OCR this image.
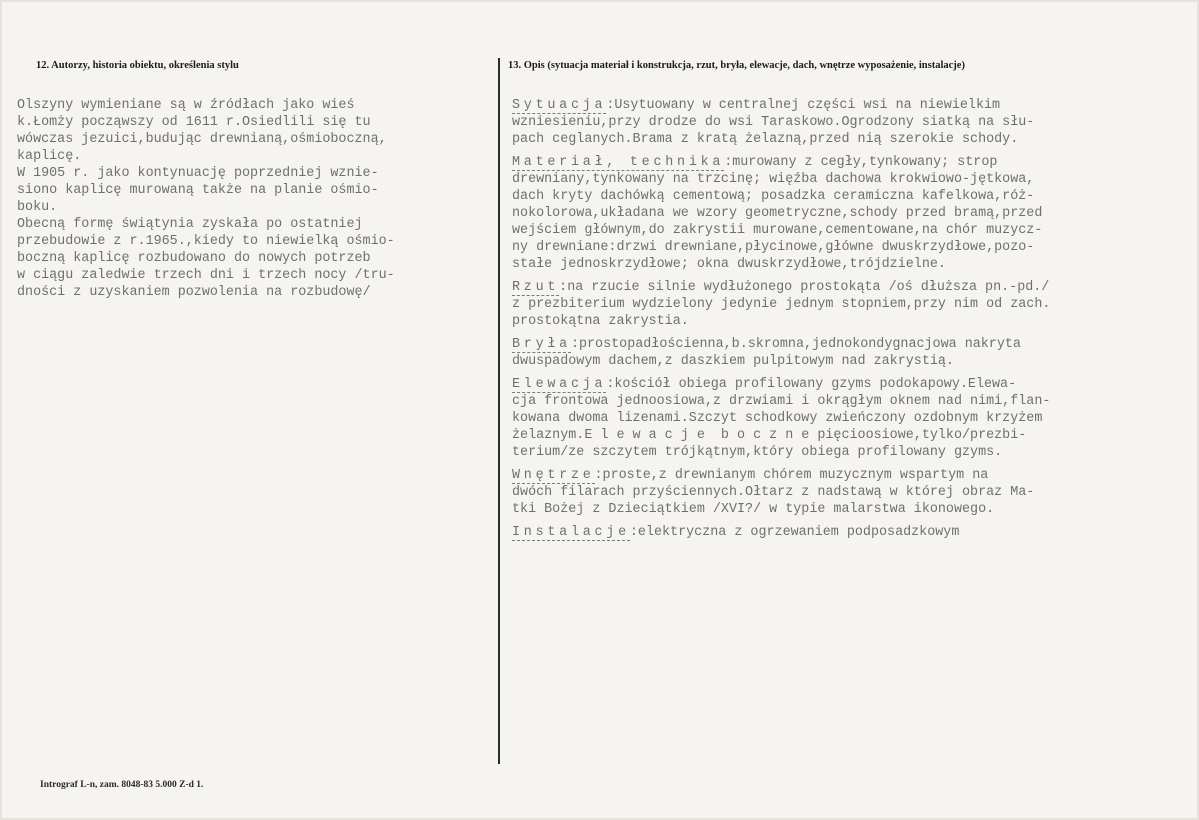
12. Autorzy, historia obiektu, określenia stylu	13. Opis (sytuacja materiał i konstrukcja, rzut, bryła, elewacje, dach, wnętrze wyposażenie, instalacje)
Olszyny wymieniane są w źródłach jako wieś
k.Łomży począwszy od 1611 r.Osiedlili się tu
wówczas jezuici,budując drewnianą,ośmioboczną,
kaplicę.
W 1905 r. jako kontynuację poprzedniej wznie-
siono kaplicę murowaną także na planie ośmio-
boku.
Obecną formę świątynia zyskała po ostatniej
przebudowie z r.1965.,kiedy to niewielką ośmio-
boczną kaplicę rozbudowano do nowych potrzeb
w ciągu zaledwie trzech dni i trzech nocy /tru-
dności z uzyskaniem pozwolenia na rozbudowę/

Sytuacja:Usytuowany w centralnej części wsi na niewielkim

wzniesieniu,przy drodze do wsi Taraskowo.Ogrodzony siatką na słu-

pach ceglanych.Brama z kratą żelazną,przed nią szerokie schody.

Materiał, technika:murowany z cegły,tynkowany; strop

drewniany,tynkowany na trzcinę; więźba dachowa krokwiowo-jętkowa,

dach kryty dachówką cementową; posadzka ceramiczna kafelkowa,róż-

nokolorowa,układana we wzory geometryczne,schody przed bramą,przed

wejściem głównym,do zakrystii murowane,cementowane,na chór muzycz-

ny drewniane:drzwi drewniane,płycinowe,główne dwuskrzydłowe,pozo-

stałe jednoskrzydłowe; okna dwuskrzydłowe,trójdzielne.

Rzut:na rzucie silnie wydłużonego prostokąta /oś dłuższa pn.-pd./

z prezbiterium wydzielony jedynie jednym stopniem,przy nim od zach.

prostokątna zakrystia.

Bryła:prostopadłościenna,b.skromna,jednokondygnacjowa nakryta

dwuspadowym dachem,z daszkiem pulpitowym nad zakrystią.

Elewacja:kościół obiega profilowany gzyms podokapowy.Elewa-

cja frontowa jednoosiowa,z drzwiami i okrągłym oknem nad nimi,flan-

kowana dwoma lizenami.Szczyt schodkowy zwieńczony ozdobnym krzyżem

żelaznym.E l e w a c j e  b o c z n e pięcioosiowe,tylko/prezbi-

terium/ze szczytem trójkątnym,który obiega profilowany gzyms.

Wnętrze:proste,z drewnianym chórem muzycznym wspartym na

dwóch filarach przyściennych.Ołtarz z nadstawą w której obraz Ma-

tki Bożej z Dzieciątkiem /XVI?/ w typie malarstwa ikonowego.

Instalacje:elektryczna z ogrzewaniem podposadzkowym

Intrograf L-n, zam. 8048-83 5.000 Z-d 1.
